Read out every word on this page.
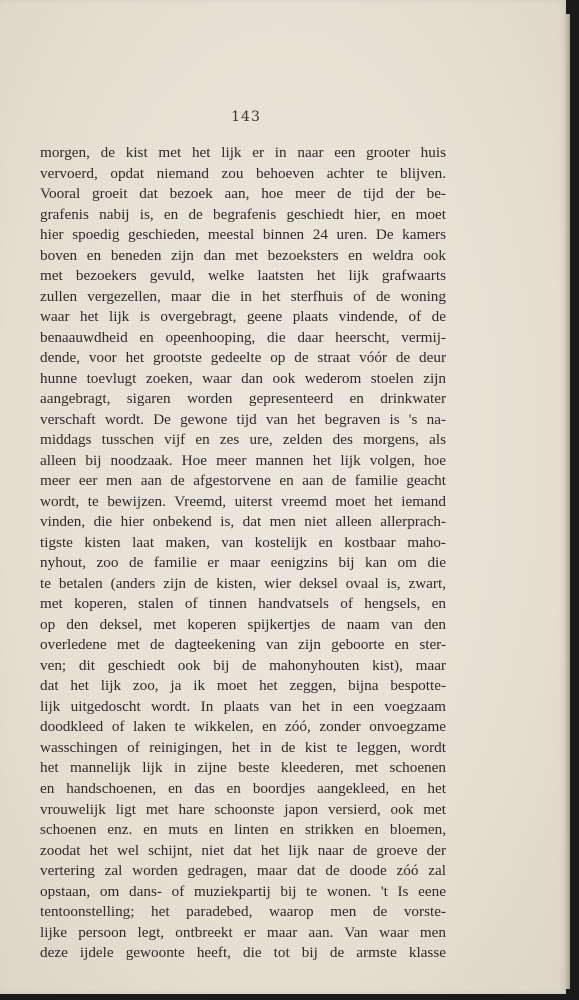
143
morgen, de kist met het lijk er in naar een grooter huis
vervoerd, opdat niemand zou behoeven achter te blijven.
Vooral groeit dat bezoek aan, hoe meer de tijd der be-
grafenis nabij is, en de begrafenis geschiedt hier, en moet
hier spoedig geschieden, meestal binnen 24 uren. De kamers
boven en beneden zijn dan met bezoeksters en weldra ook
met bezoekers gevuld, welke laatsten het lijk grafwaarts
zullen vergezellen, maar die in het sterfhuis of de woning
waar het lijk is overgebragt, geene plaats vindende, of de
benaauwdheid en opeenhooping, die daar heerscht, vermij-
dende, voor het grootste gedeelte op de straat vóór de deur
hunne toevlugt zoeken, waar dan ook wederom stoelen zijn
aangebragt, sigaren worden gepresenteerd en drinkwater
verschaft wordt. De gewone tijd van het begraven is 's na-
middags tusschen vijf en zes ure, zelden des morgens, als
alleen bij noodzaak. Hoe meer mannen het lijk volgen, hoe
meer eer men aan de afgestorvene en aan de familie geacht
wordt, te bewijzen. Vreemd, uiterst vreemd moet het iemand
vinden, die hier onbekend is, dat men niet alleen allerprach-
tigste kisten laat maken, van kostelijk en kostbaar maho-
nyhout, zoo de familie er maar eenigzins bij kan om die
te betalen (anders zijn de kisten, wier deksel ovaal is, zwart,
met koperen, stalen of tinnen handvatsels of hengsels, en
op den deksel, met koperen spijkertjes de naam van den
overledene met de dagteekening van zijn geboorte en ster-
ven; dit geschiedt ook bij de mahonyhouten kist), maar
dat het lijk zoo, ja ik moet het zeggen, bijna bespotte-
lijk uitgedoscht wordt. In plaats van het in een voegzaam
doodkleed of laken te wikkelen, en zóó, zonder onvoegzame
wasschingen of reinigingen, het in de kist te leggen, wordt
het mannelijk lijk in zijne beste kleederen, met schoenen
en handschoenen, en das en boordjes aangekleed, en het
vrouwelijk ligt met hare schoonste japon versierd, ook met
schoenen enz. en muts en linten en strikken en bloemen,
zoodat het wel schijnt, niet dat het lijk naar de groeve der
vertering zal worden gedragen, maar dat de doode zóó zal
opstaan, om dans- of muziekpartij bij te wonen. 't Is eene
tentoonstelling; het paradebed, waarop men de vorste-
lijke persoon legt, ontbreekt er maar aan. Van waar men
deze ijdele gewoonte heeft, die tot bij de armste klasse
